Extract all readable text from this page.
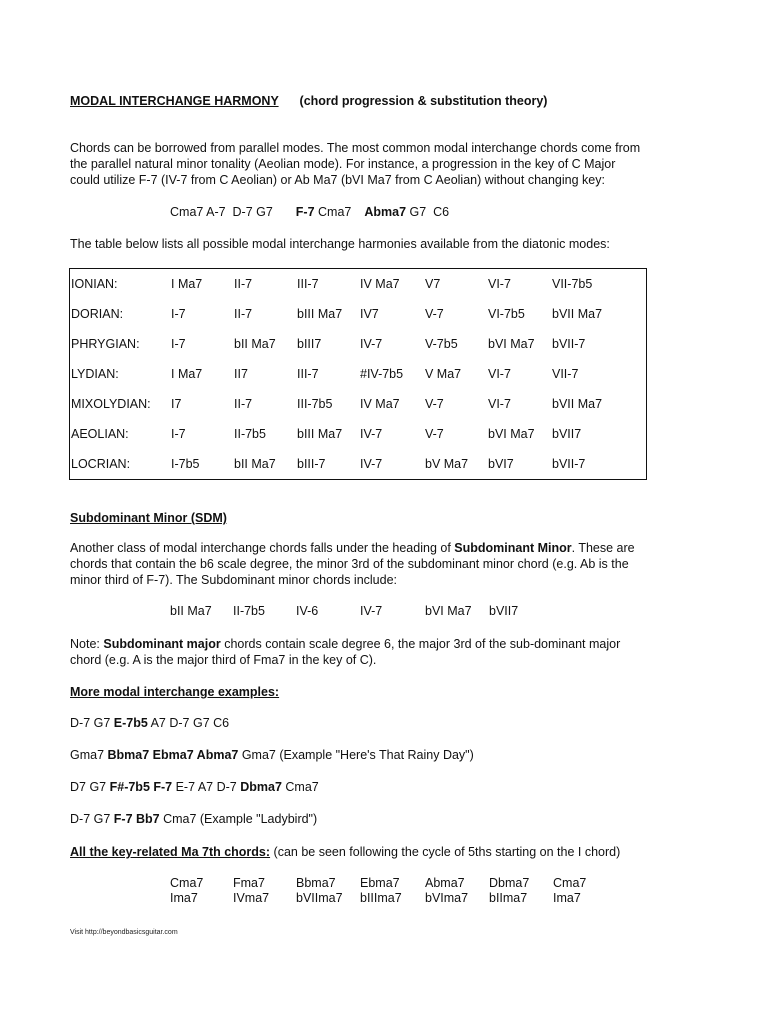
MODAL INTERCHANGE HARMONY (chord progression & substitution theory)
Chords can be borrowed from parallel modes. The most common modal interchange chords come from
the parallel natural minor tonality (Aeolian mode). For instance, a progression in the key of C Major
could utilize F-7 (IV-7 from C Aeolian) or Ab Ma7 (bVI Ma7 from C Aeolian) without changing key:
Cma7 A-7  D-7 G7 F-7 Cma7 Abma7 G7  C6
The table below lists all possible modal interchange harmonies available from the diatonic modes:
IONIAN:	I Ma7	II-7	III-7	IV Ma7	V7	VI-7	VII-7b5
DORIAN:	I-7	II-7	bIII Ma7	IV7	V-7	VI-7b5	bVII Ma7
PHRYGIAN:	I-7	bII Ma7	bIII7	IV-7	V-7b5	bVI Ma7	bVII-7
LYDIAN:	I Ma7	II7	III-7	#IV-7b5	V Ma7	VI-7	VII-7
MIXOLYDIAN:	I7	II-7	III-7b5	IV Ma7	V-7	VI-7	bVII Ma7
AEOLIAN:	I-7	II-7b5	bIII Ma7	IV-7	V-7	bVI Ma7	bVII7
LOCRIAN:	I-7b5	bII Ma7	bIII-7	IV-7	bV Ma7	bVI7	bVII-7
Subdominant Minor (SDM)
Another class of modal interchange chords falls under the heading of Subdominant Minor. These are
chords that contain the b6 scale degree, the minor 3rd of the subdominant minor chord (e.g. Ab is the
minor third of F-7). The Subdominant minor chords include:
bII Ma7 II-7b5 IV-6	IV-7	bVI Ma7 bVII7
Note: Subdominant major chords contain scale degree 6, the major 3rd of the sub-dominant major
chord (e.g. A is the major third of Fma7 in the key of C).
More modal interchange examples:
D-7 G7 E-7b5 A7 D-7 G7 C6
Gma7 Bbma7 Ebma7 Abma7 Gma7 (Example "Here's That Rainy Day")
D7 G7 F#-7b5 F-7 E-7 A7 D-7 Dbma7 Cma7
D-7 G7 F-7 Bb7 Cma7 (Example "Ladybird")
All the key-related Ma 7th chords: (can be seen following the cycle of 5ths starting on the I chord)
Cma7 Fma7 Bbma7 Ebma7 Abma7 Dbma7 Cma7
Ima7	IVma7 bVIIma7 bIIIma7 bVIma7 bIIma7 Ima7
Visit http://beyondbasicsguitar.com
